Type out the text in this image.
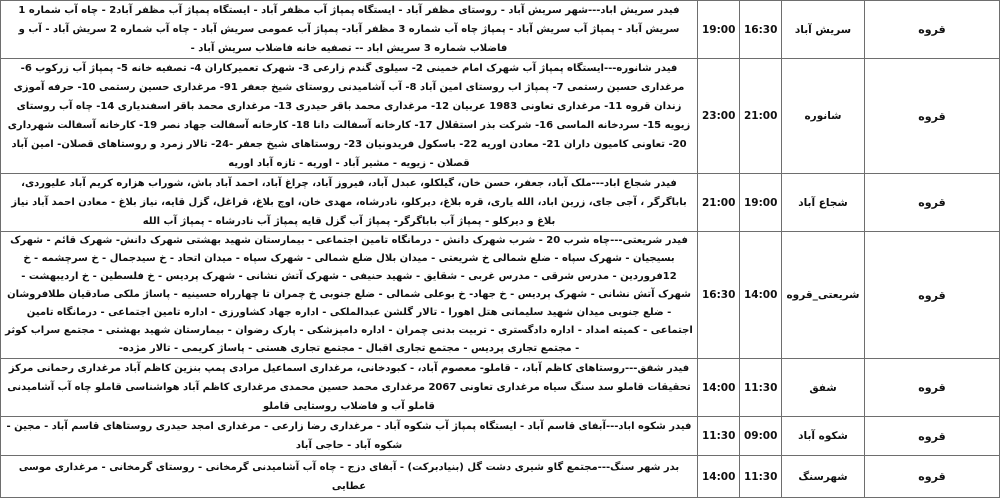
قروه	سریش آباد	16:30	19:00	فیدر سریش اباد---شهر سریش آباد - روستای مظفر آباد - ایستگاه پمپاژ آب مظفر آباد - ایستگاه پمپاژ آب مظفر آباد2 - چاه آب شماره 1 سریش آباد - پمپاژ آب سریش آباد - پمپاژ چاه آب شماره 3 مظفر آباد- پمپاژ آب عمومی سریش آباد - چاه آب شماره 2 سریش آباد - آب و فاضلاب شماره 3 سریش اباد -- تصفیه خانه فاضلاب سریش آباد -
قروه	شانوره	21:00	23:00	فیدر شانوره---ایستگاه پمپاژ آب شهرک امام خمینی 2- سیلوی گندم زارعی 3- شهرک تعمیرکاران 4- تصفیه خانه 5- پمپاژ آب زرکوب 6- مرغداری حسین رستمی 7- پمپاژ اب روستای امین آباد 8- آب آشامیدنی روستای شیخ جعفر 91- مرغداری حسین رستمی 10- حرفه آموزی زندان قروه 11- مرغداری تعاونی 1983 عربیان 12- مرغداری محمد باقر حیدری 13- مرغداری محمد باقر اسفندیاری 14- چاه آب روستای زیویه 15- سردخانه الماسی 16- شرکت بذر استقلال 17- کارخانه آسفالت دانا 18- کارخانه آسفالت جهاد نصر 19- کارخانه آسفالت شهرداری 20- تعاونی کامیون داران 21- معادن اوریه 22- باسکول فریدونیان 23- روستاهای شیخ جعفر -24- تالار زمرد و روستاهای قصلان- امین آباد قصلان - زیویه - مشیر آباد - اوریه - تازه آباد اوریه
قروه	شجاع آباد	19:00	21:00	فیدر شجاع اباد---ملک آباد، جعفر، حسن خان، گیلکلو، عبدل آباد، فیروز آباد، چراغ آباد، احمد آباد باش، شوراب هزاره کریم آباد علیوردی، باباگرگر ، آجی جای، زرین اباد، الله یاری، قره بلاغ، دیرکلو، نادرشاه، مهدی خان، اوچ بلاغ، قراغل، گزل قایه، نیاز بلاغ - معادن احمد آباد نیاز بلاغ و دیرکلو - پمپاژ آب باباگرگر- پمپاژ آب گزل قایه پمپاژ آب نادرشاه - پمپاژ آب الله
قروه	شریعتی_قروه	14:00	16:30	فیدر شریعتی---چاه شرب 20 - شرب شهرک دانش - درمانگاه تامین اجتماعی - بیمارستان شهید بهشتی شهرک دانش- شهرک قائم - شهرک بسیجیان - شهرک سپاه - ضلع شمالی خ شریعتی - میدان بلال ضلع شمالی - شهرک سپاه - میدان اتحاد - خ سیدجمال - خ سرچشمه - خ 12فروردین - مدرس شرقی - مدرس غربی - شقایق - شهید حنیفی - شهرک آتش نشانی - شهرک پردیس - خ فلسطین - خ اردیبهشت - شهرک آتش نشانی - شهرک پردیس - خ جهاد- خ بوعلی شمالی - ضلع جنوبی خ چمران تا چهارراه حسینیه - پاساژ ملکی صادقیان طلافروشان - ضلع جنوبی میدان شهید سلیمانی هتل اهورا - تالار گلشن عبدالملکی - اداره جهاد کشاورزی - اداره تامین اجتماعی - درمانگاه تامین اجتماعی - کمیته امداد - اداره دادگستری - تربیت بدنی چمران - اداره دامپزشکی - پارک رضوان - بیمارستان شهید بهشتی - مجتمع سراب کوثر - مجتمع تجاری پردیس - مجتمع تجاری اقبال - مجتمع تجاری هستی - پاساژ کریمی - تالار مژده-
قروه	شفق	11:30	14:00	فیدر شفق---روستاهای کاظم آباد، - قاملو- معصوم آباد، - کبودخانی، مرغداری اسماعیل مرادی پمپ بنزین کاظم آباد مرغداری رحمانی مرکز تحقیقات قاملو سد سنگ سیاه مرغداری تعاونی 2067 مرغداری محمد حسین محمدی مرغداری کاظم آباد هواشناسی قاملو چاه آب آشامیدنی قاملو آب و فاضلاب روستایی قاملو
قروه	شکوه آباد	09:00	11:30	فیدر شکوه اباد---آبفای قاسم آباد - ایستگاه پمپاژ آب شکوه آباد - مرغداری رضا زارعی - مرغداری امجد حیدری روستاهای قاسم آباد - مجین - شکوه آباد - حاجی آباد
قروه	شهرسنگ	11:30	14:00	بدر شهر سنگ---مجتمع گاو شیری دشت گل (بنیادبرکت) - آبفای دزج - چاه آب آشامیدنی گرمخانی - روستای گرمخانی - مرغداری موسی عطایی
